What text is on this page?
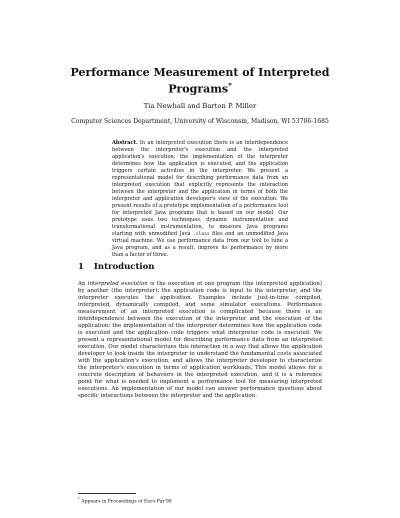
Performance Measurement of Interpreted
Programs*
Tia Newhall and Barton P. Miller
Computer Sciences Department, University of Wisconsin, Madison, WI 53706-1685
Abstract. In an interpreted execution there is an interdependence between the interpreter's execution and the interpreted application's execution; the implementation of the interpreter determines how the application is executed, and the application triggers certain activities in the interpreter. We present a representational model for describing performance data from an interpreted execution that explicitly represents the interaction between the interpreter and the application in terms of both the interpreter and application developer's view of the execution. We present results of a prototype implementation of a performance tool for interpreted Java programs that is based on our model. Our prototype uses two techniques, dynamic instrumentation and transformational instrumentation, to measure Java programs starting with unmodified Java .class files and an unmodified Java virtual machine. We use performance data from our tool to tune a Java program, and as a result, improve its performance by more than a factor of three.
1 Introduction
An interpreted execution is the execution of one program (the interpreted application) by another (the interpreter); the application code is input to the interpreter, and the interpreter executes the application. Examples include just-in-time compiled, interpreted, dynamically compiled, and some simulator executions. Performance measurement of an interpreted execution is complicated because there is an interdependence between the execution of the interpreter and the execution of the application; the implementation of the interpreter determines how the application code is executed and the application code triggers what interpreter code is executed. We present a representational model for describing performance data from an interpreted execution. Our model characterizes this interaction in a way that allows the application developer to look inside the interpreter to understand the fundamental costs associated with the application's execution, and allows the interpreter developer to characterize the interpreter's execution in terms of application workloads. This model allows for a concrete description of behaviors in the interpreted execution, and it is a reference point for what is needed to implement a performance tool for measuring interpreted executions. An implementation of our model can answer performance questions about specific interactions between the interpreter and the application.
* Appears in Proceedings of Euro-Par'98
